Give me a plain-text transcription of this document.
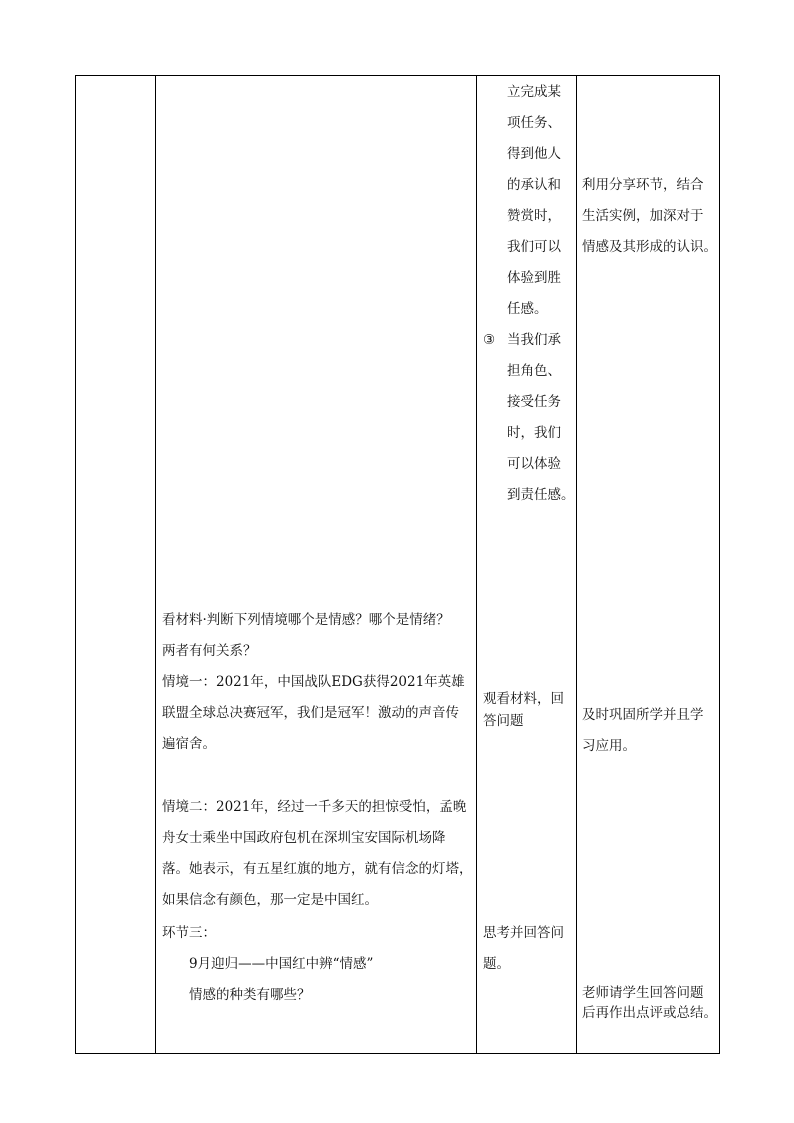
立完成某
项任务、
得到他人
的承认和
赞赏时，
我们可以
体验到胜
任感。
③ 当我们承
担角色、
接受任务
时，我们
可以体验
到责任感。
利用分享环节，结合
生活实例，加深对于
情感及其形成的认识。
看材料·判断下列情境哪个是情感？哪个是情绪？
两者有何关系？
情境一：2021年，中国战队EDG获得2021年英雄
联盟全球总决赛冠军，我们是冠军！激动的声音传
遍宿舍。
情境二：2021年，经过一千多天的担惊受怕，孟晚
舟女士乘坐中国政府包机在深圳宝安国际机场降
落。她表示，有五星红旗的地方，就有信念的灯塔，
如果信念有颜色，那一定是中国红。
环节三：
9月迎归——中国红中辨“情感”
情感的种类有哪些？
观看材料，回
答问题
思考并回答问
题。
及时巩固所学并且学
习应用。
老师请学生回答问题
后再作出点评或总结。
